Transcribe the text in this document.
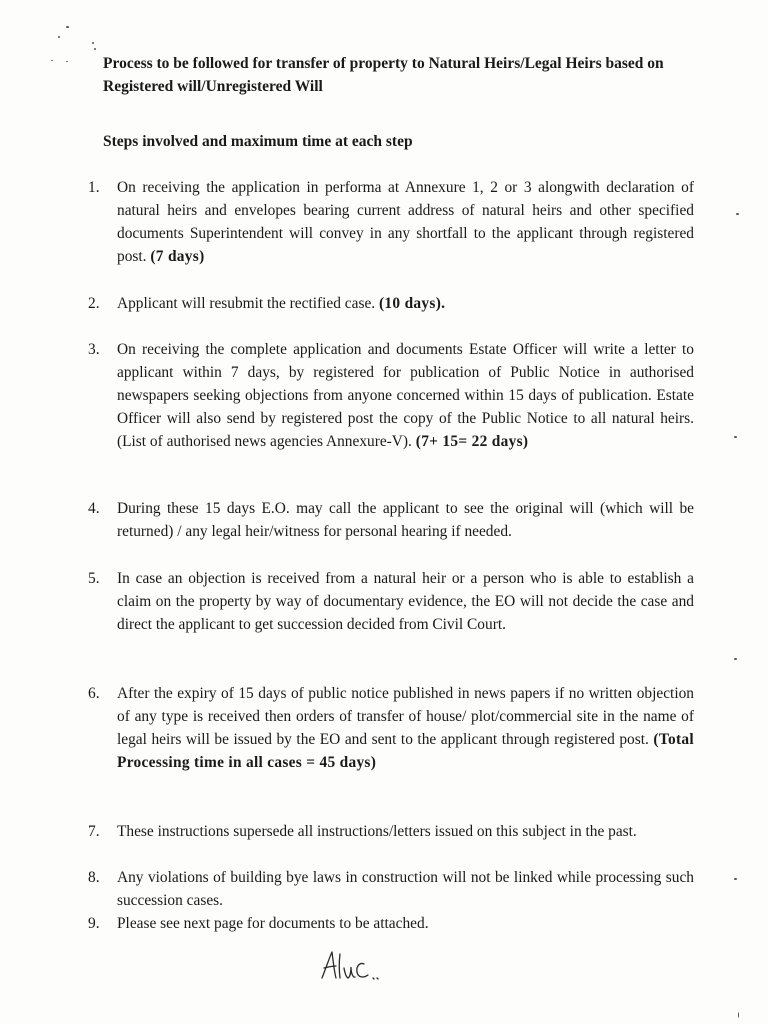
Process to be followed for transfer of property to Natural Heirs/Legal Heirs based on Registered will/Unregistered Will
Steps involved and maximum time at each step
1.	On receiving the application in performa at Annexure 1, 2 or 3 alongwith declaration of natural heirs and envelopes bearing current address of natural heirs and other specified documents Superintendent will convey in any shortfall to the applicant through registered post. (7 days)
2.	Applicant will resubmit the rectified case. (10 days).
3.	On receiving the complete application and documents Estate Officer will write a letter to applicant within 7 days, by registered for publication of Public Notice in authorised newspapers seeking objections from anyone concerned within 15 days of publication. Estate Officer will also send by registered post the copy of the Public Notice to all natural heirs. (List of authorised news agencies Annexure-V). (7+ 15= 22 days)
4.	During these 15 days E.O. may call the applicant to see the original will (which will be returned) / any legal heir/witness for personal hearing if needed.
5.	In case an objection is received from a natural heir or a person who is able to establish a claim on the property by way of documentary evidence, the EO will not decide the case and direct the applicant to get succession decided from Civil Court.
6.	After the expiry of 15 days of public notice published in news papers if no written objection of any type is received then orders of transfer of house/ plot/commercial site in the name of legal heirs will be issued by the EO and sent to the applicant through registered post. (Total Processing time in all cases = 45 days)
7.	These instructions supersede all instructions/letters issued on this subject in the past.
8.	Any violations of building bye laws in construction will not be linked while processing such succession cases.
9.	Please see next page for documents to be attached.
